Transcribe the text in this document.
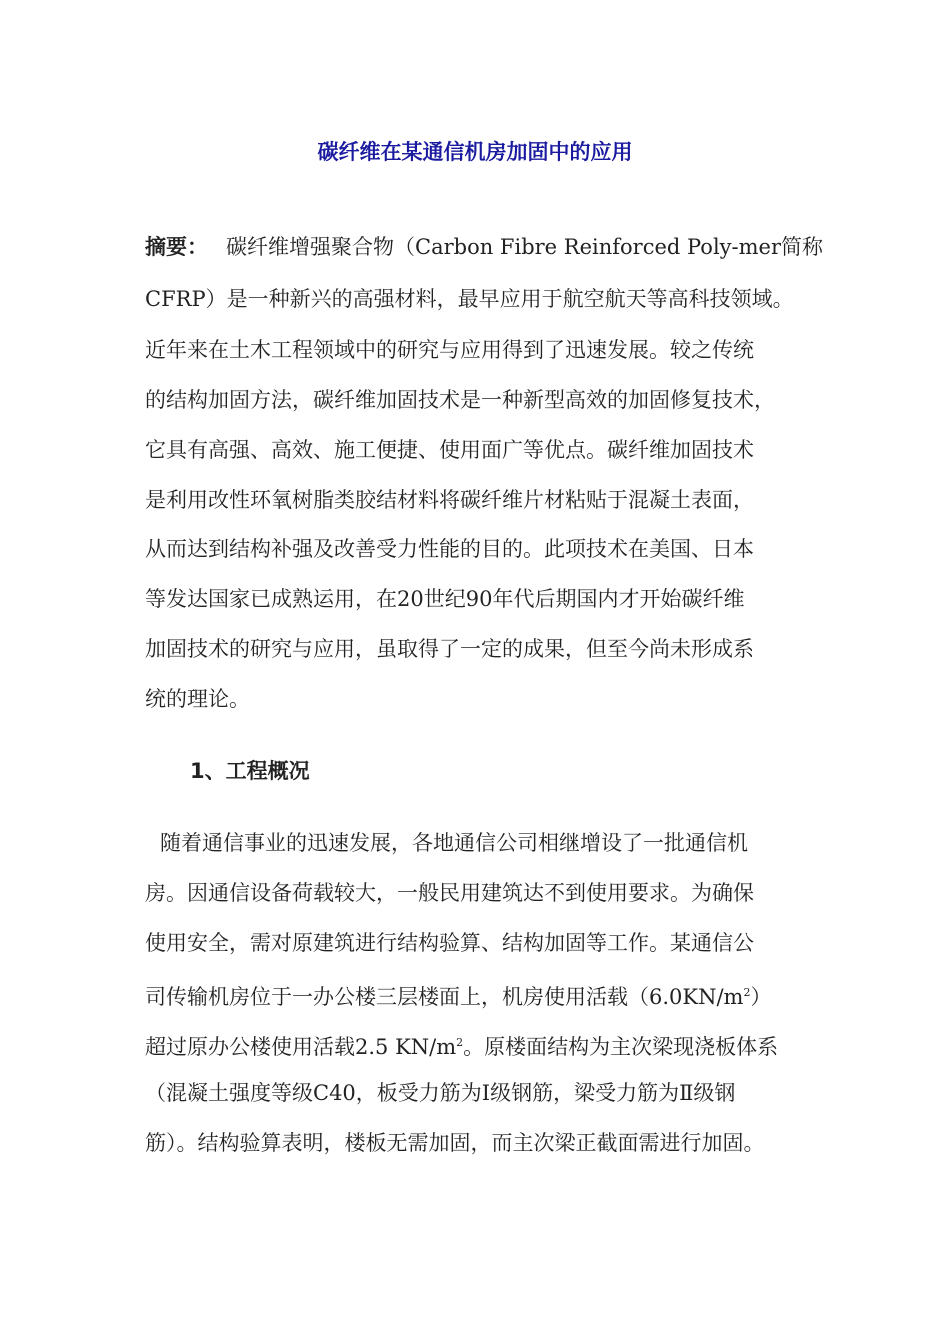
碳纤维在某通信机房加固中的应用
摘要： 碳纤维增强聚合物（Carbon Fibre Reinforced Poly-mer简称
CFRP）是一种新兴的高强材料，最早应用于航空航天等高科技领域。
近年来在土木工程领域中的研究与应用得到了迅速发展。较之传统
的结构加固方法，碳纤维加固技术是一种新型高效的加固修复技术，
它具有高强、高效、施工便捷、使用面广等优点。碳纤维加固技术
是利用改性环氧树脂类胶结材料将碳纤维片材粘贴于混凝土表面，
从而达到结构补强及改善受力性能的目的。此项技术在美国、日本
等发达国家已成熟运用，在20世纪90年代后期国内才开始碳纤维
加固技术的研究与应用，虽取得了一定的成果，但至今尚未形成系
统的理论。
1、工程概况
随着通信事业的迅速发展，各地通信公司相继增设了一批通信机
房。因通信设备荷载较大，一般民用建筑达不到使用要求。为确保
使用安全，需对原建筑进行结构验算、结构加固等工作。某通信公
司传输机房位于一办公楼三层楼面上，机房使用活载$(6.0KN/m^2)$
超过原办公楼使用活载2.5 $KN/m^2$。原楼面结构为主次梁现浇板体系
（混凝土强度等级C40，板受力筋为Ⅰ级钢筋，梁受力筋为Ⅱ级钢
筋）。结构验算表明，楼板无需加固，而主次梁正截面需进行加固。
